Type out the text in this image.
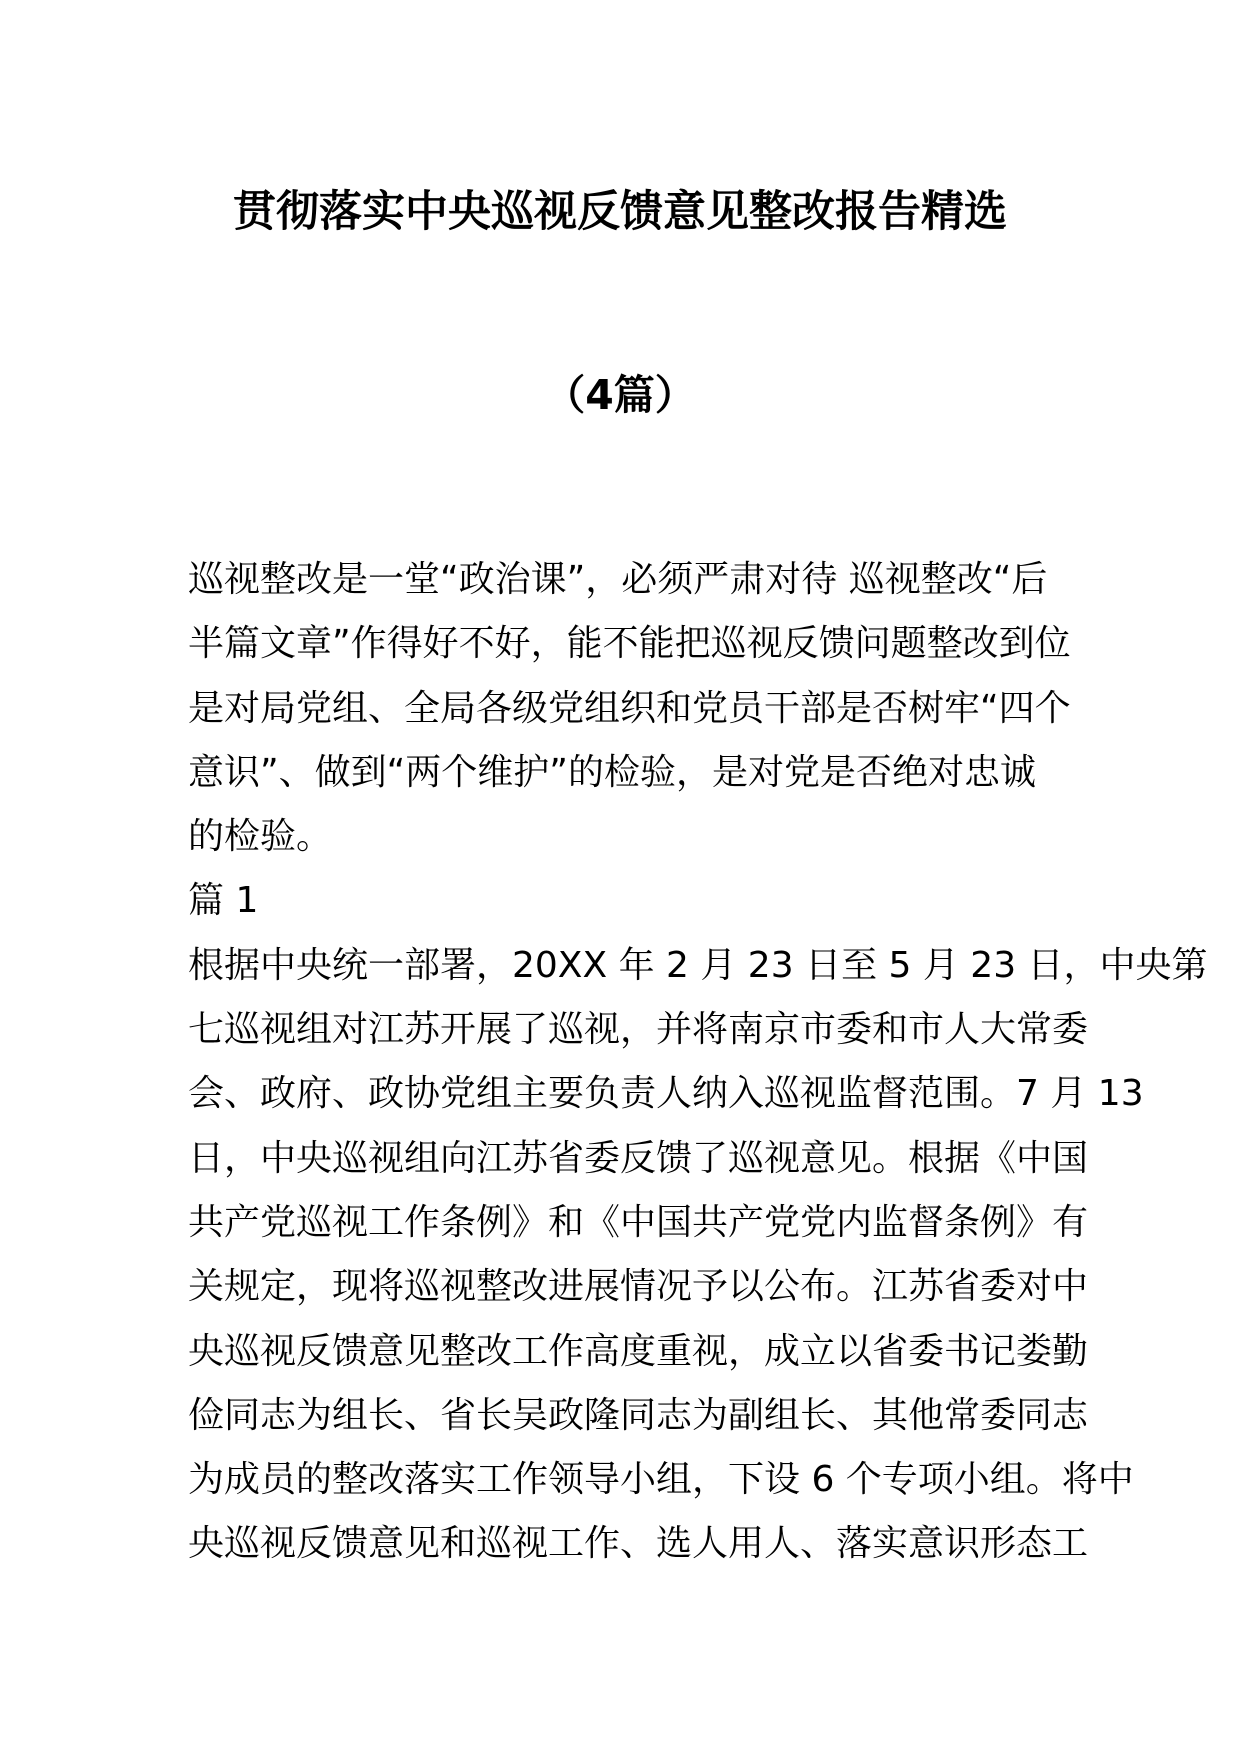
贯彻落实中央巡视反馈意见整改报告精选
（4篇）
巡视整改是一堂“政治课”，必须严肃对待 巡视整改“后
半篇文章”作得好不好，能不能把巡视反馈问题整改到位
是对局党组、全局各级党组织和党员干部是否树牢“四个
意识”、做到“两个维护”的检验，是对党是否绝对忠诚
的检验。
篇 1
根据中央统一部署，20XX 年 2 月 23 日至 5 月 23 日，中央第
七巡视组对江苏开展了巡视，并将南京市委和市人大常委
会、政府、政协党组主要负责人纳入巡视监督范围。7 月 13
日，中央巡视组向江苏省委反馈了巡视意见。根据《中国
共产党巡视工作条例》和《中国共产党党内监督条例》有
关规定，现将巡视整改进展情况予以公布。江苏省委对中
央巡视反馈意见整改工作高度重视，成立以省委书记娄勤
俭同志为组长、省长吴政隆同志为副组长、其他常委同志
为成员的整改落实工作领导小组，下设 6 个专项小组。将中
央巡视反馈意见和巡视工作、选人用人、落实意识形态工
